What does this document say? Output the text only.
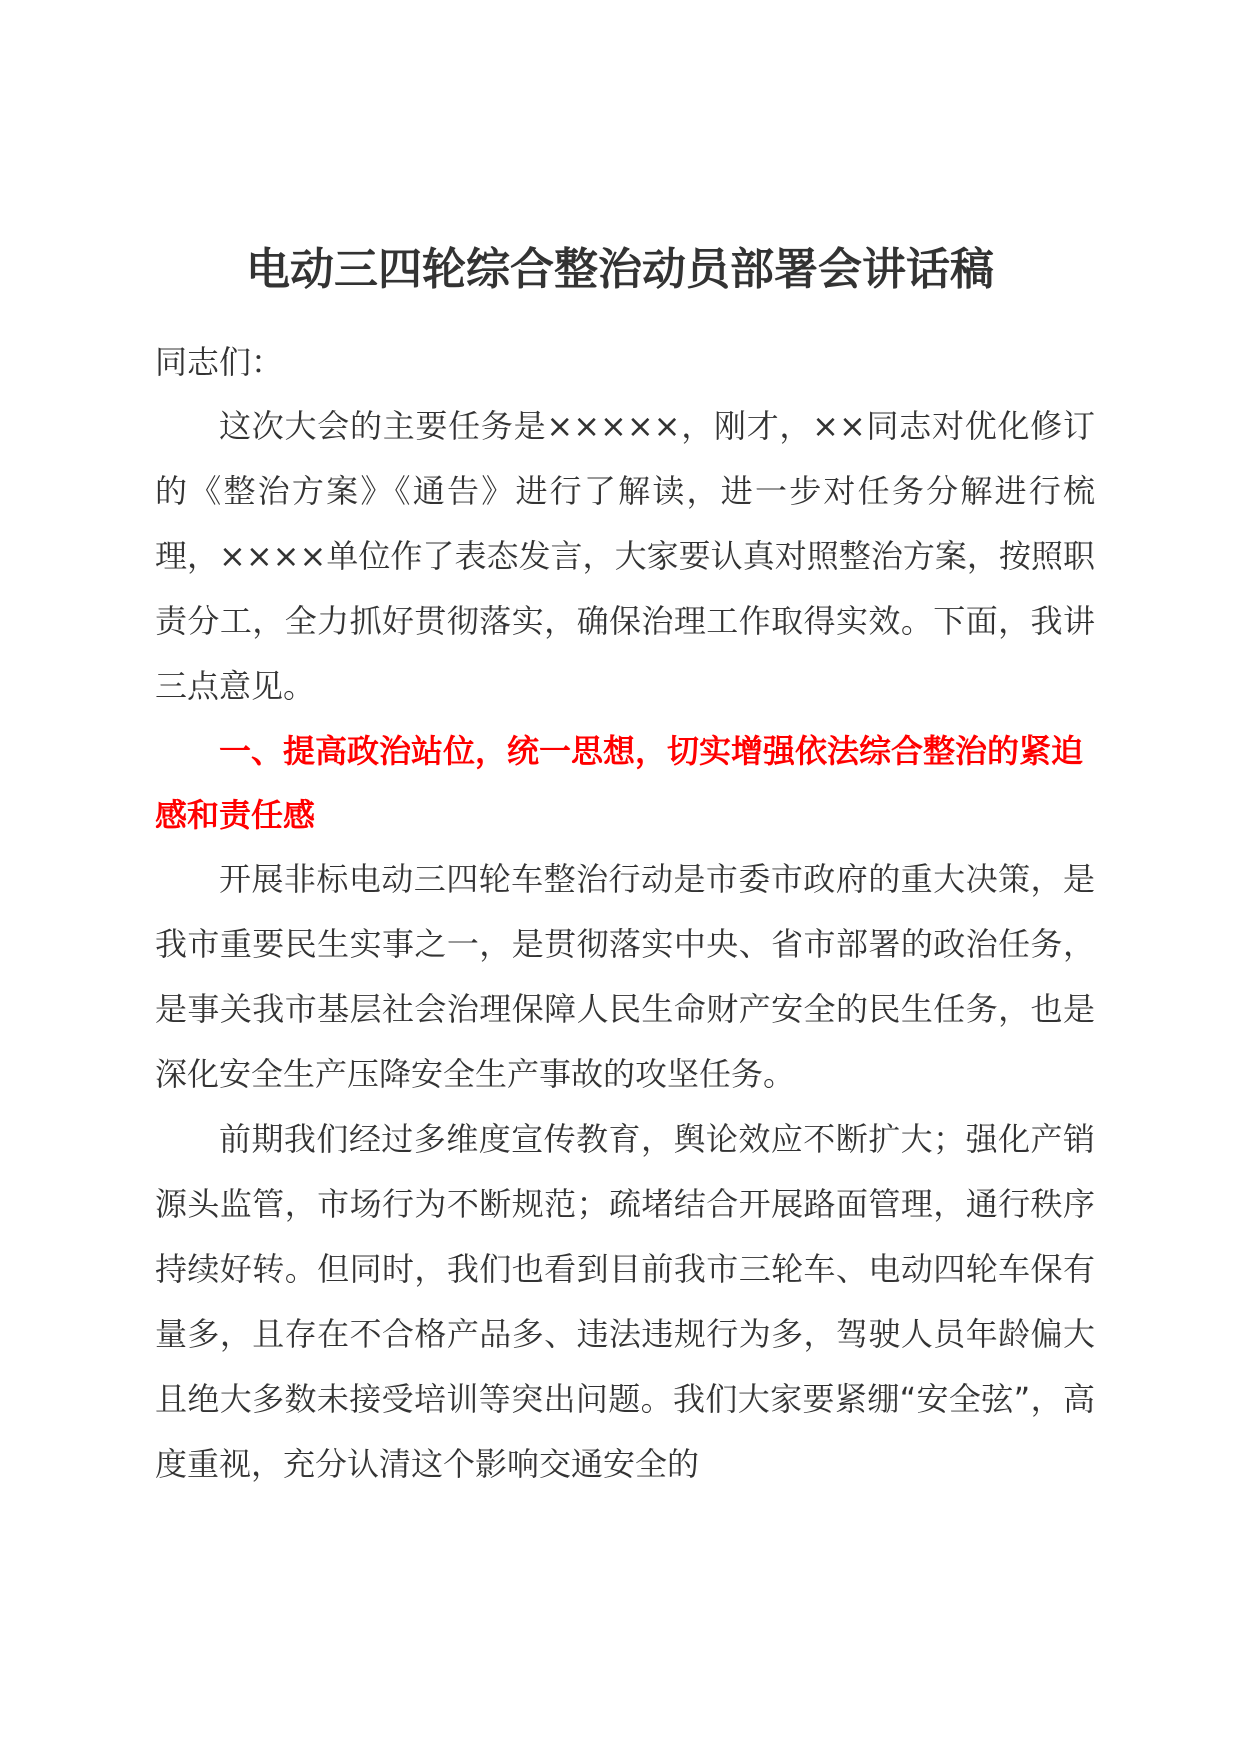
电动三四轮综合整治动员部署会讲话稿

同志们：

这次大会的主要任务是×××××，刚才，××同志对优化修订的《整治方案》《通告》进行了解读，进一步对任务分解进行梳理，××××单位作了表态发言，大家要认真对照整治方案，按照职责分工，全力抓好贯彻落实，确保治理工作取得实效。下面，我讲三点意见。

一、提高政治站位，统一思想，切实增强依法综合整治的紧迫感和责任感

开展非标电动三四轮车整治行动是市委市政府的重大决策，是我市重要民生实事之一，是贯彻落实中央、省市部署的政治任务，是事关我市基层社会治理保障人民生命财产安全的民生任务，也是深化安全生产压降安全生产事故的攻坚任务。

前期我们经过多维度宣传教育，舆论效应不断扩大；强化产销源头监管，市场行为不断规范；疏堵结合开展路面管理，通行秩序持续好转。但同时，我们也看到目前我市三轮车、电动四轮车保有量多，且存在不合格产品多、违法违规行为多，驾驶人员年龄偏大且绝大多数未接受培训等突出问题。我们大家要紧绷“安全弦”，高度重视，充分认清这个影响交通安全的
